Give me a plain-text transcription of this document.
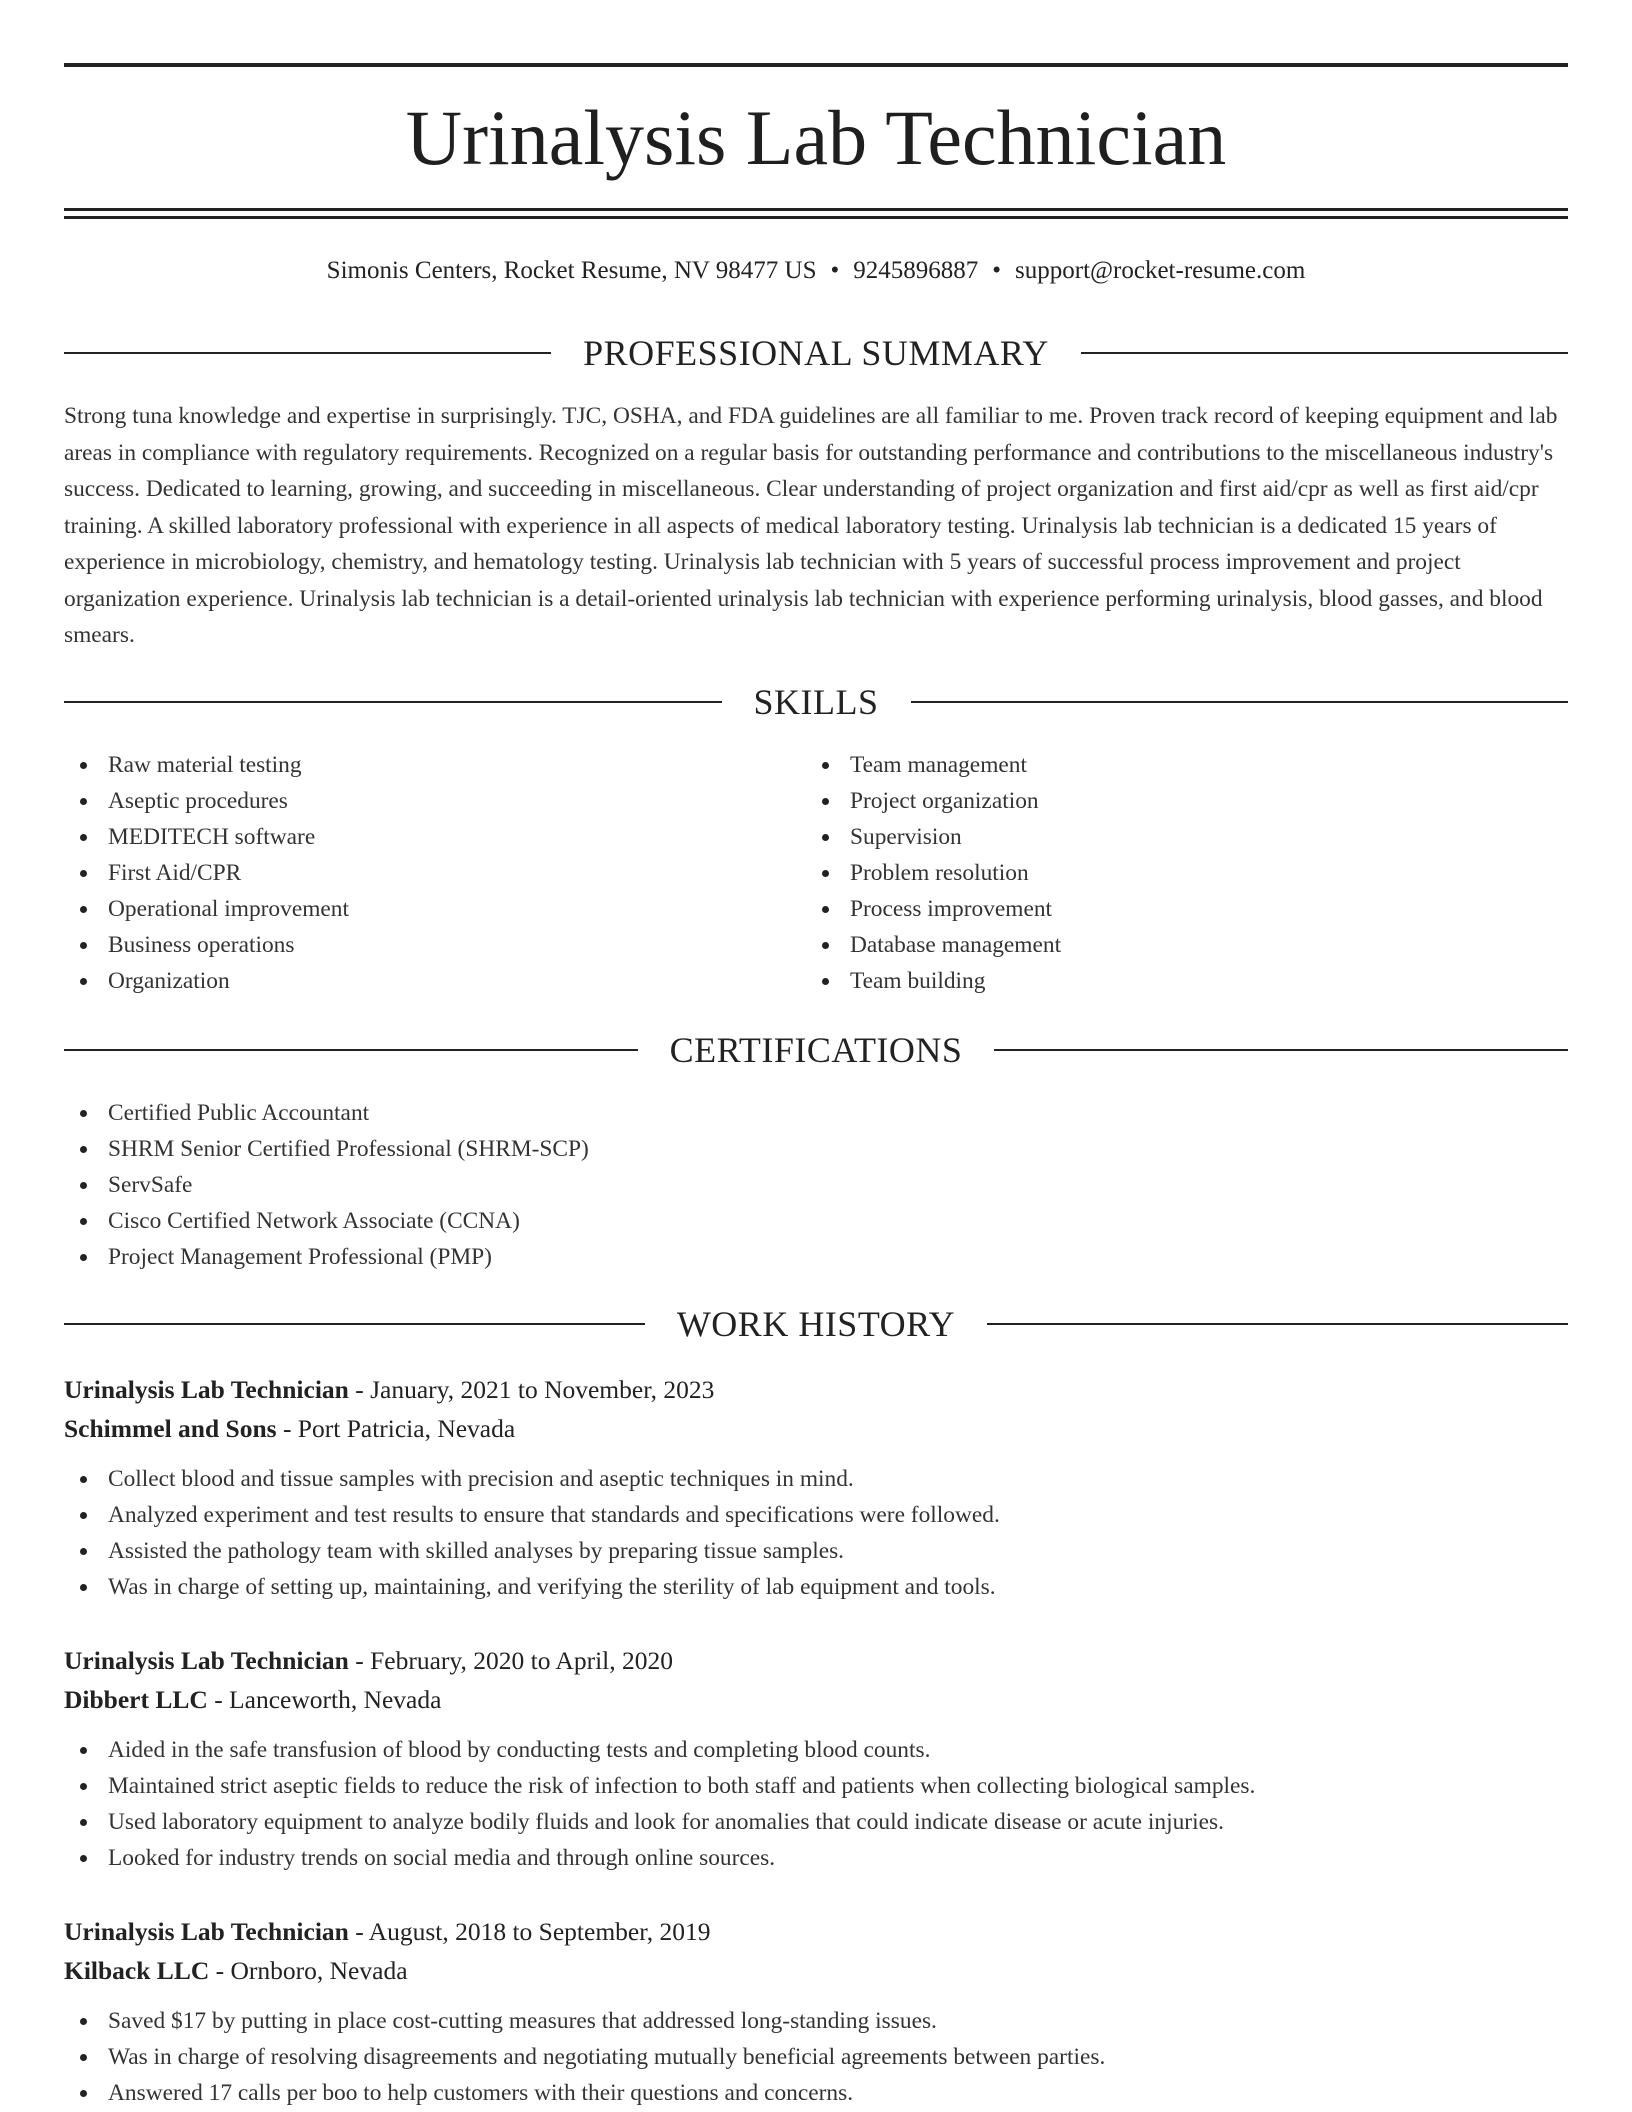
Urinalysis Lab Technician
Simonis Centers, Rocket Resume, NV 98477 US • 9245896887 • support@rocket-resume.com
PROFESSIONAL SUMMARY

Strong tuna knowledge and expertise in surprisingly. TJC, OSHA, and FDA guidelines are all familiar to me. Proven track record of keeping equipment and lab areas in compliance with regulatory requirements. Recognized on a regular basis for outstanding performance and contributions to the miscellaneous industry's success. Dedicated to learning, growing, and succeeding in miscellaneous. Clear understanding of project organization and first aid/cpr as well as first aid/cpr training. A skilled laboratory professional with experience in all aspects of medical laboratory testing. Urinalysis lab technician is a dedicated 15 years of experience in microbiology, chemistry, and hematology testing. Urinalysis lab technician with 5 years of successful process improvement and project organization experience. Urinalysis lab technician is a detail-oriented urinalysis lab technician with experience performing urinalysis, blood gasses, and blood smears.

SKILLS
Raw material testing
Aseptic procedures
MEDITECH software
First Aid/CPR
Operational improvement
Business operations
Organization
Team management
Project organization
Supervision
Problem resolution
Process improvement
Database management
Team building
CERTIFICATIONS
Certified Public Accountant
SHRM Senior Certified Professional (SHRM-SCP)
ServSafe
Cisco Certified Network Associate (CCNA)
Project Management Professional (PMP)
WORK HISTORY
Urinalysis Lab Technician - January, 2021 to November, 2023
Schimmel and Sons - Port Patricia, Nevada
Collect blood and tissue samples with precision and aseptic techniques in mind.
Analyzed experiment and test results to ensure that standards and specifications were followed.
Assisted the pathology team with skilled analyses by preparing tissue samples.
Was in charge of setting up, maintaining, and verifying the sterility of lab equipment and tools.
Urinalysis Lab Technician - February, 2020 to April, 2020
Dibbert LLC - Lanceworth, Nevada
Aided in the safe transfusion of blood by conducting tests and completing blood counts.
Maintained strict aseptic fields to reduce the risk of infection to both staff and patients when collecting biological samples.
Used laboratory equipment to analyze bodily fluids and look for anomalies that could indicate disease or acute injuries.
Looked for industry trends on social media and through online sources.
Urinalysis Lab Technician - August, 2018 to September, 2019
Kilback LLC - Ornboro, Nevada
Saved $17 by putting in place cost-cutting measures that addressed long-standing issues.
Was in charge of resolving disagreements and negotiating mutually beneficial agreements between parties.
Answered 17 calls per boo to help customers with their questions and concerns.
